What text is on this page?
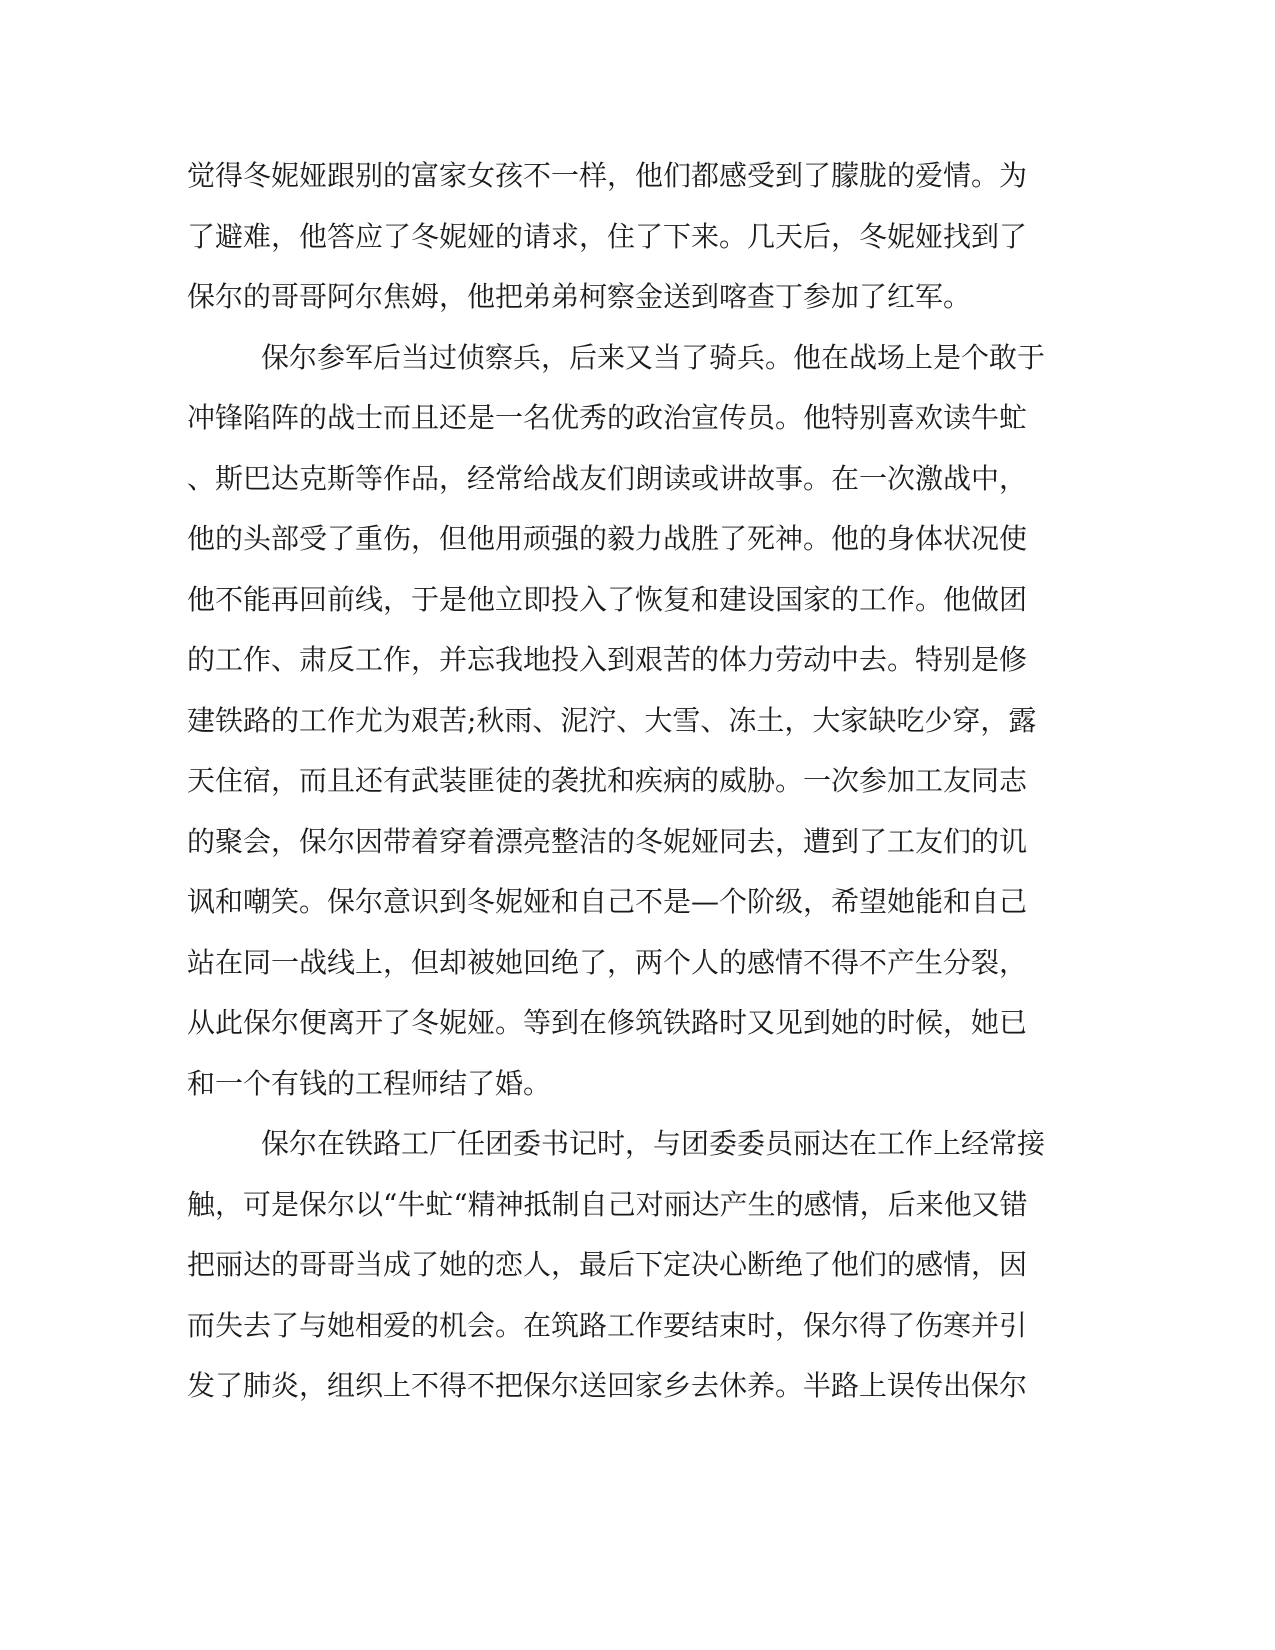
觉得冬妮娅跟别的富家女孩不一样，他们都感受到了朦胧的爱情。为
了避难，他答应了冬妮娅的请求，住了下来。几天后，冬妮娅找到了
保尔的哥哥阿尔焦姆，他把弟弟柯察金送到喀查丁参加了红军。
保尔参军后当过侦察兵，后来又当了骑兵。他在战场上是个敢于
冲锋陷阵的战士而且还是一名优秀的政治宣传员。他特别喜欢读牛虻
、斯巴达克斯等作品，经常给战友们朗读或讲故事。在一次激战中，
他的头部受了重伤，但他用顽强的毅力战胜了死神。他的身体状况使
他不能再回前线，于是他立即投入了恢复和建设国家的工作。他做团
的工作、肃反工作，并忘我地投入到艰苦的体力劳动中去。特别是修
建铁路的工作尤为艰苦;秋雨、泥泞、大雪、冻土，大家缺吃少穿，露
天住宿，而且还有武装匪徒的袭扰和疾病的威胁。一次参加工友同志
的聚会，保尔因带着穿着漂亮整洁的冬妮娅同去，遭到了工友们的讥
讽和嘲笑。保尔意识到冬妮娅和自己不是—个阶级，希望她能和自己
站在同一战线上，但却被她回绝了，两个人的感情不得不产生分裂，
从此保尔便离开了冬妮娅。等到在修筑铁路时又见到她的时候，她已
和一个有钱的工程师结了婚。
保尔在铁路工厂任团委书记时，与团委委员丽达在工作上经常接
触，可是保尔以“牛虻“精神抵制自己对丽达产生的感情，后来他又错
把丽达的哥哥当成了她的恋人，最后下定决心断绝了他们的感情，因
而失去了与她相爱的机会。在筑路工作要结束时，保尔得了伤寒并引
发了肺炎，组织上不得不把保尔送回家乡去休养。半路上误传出保尔
